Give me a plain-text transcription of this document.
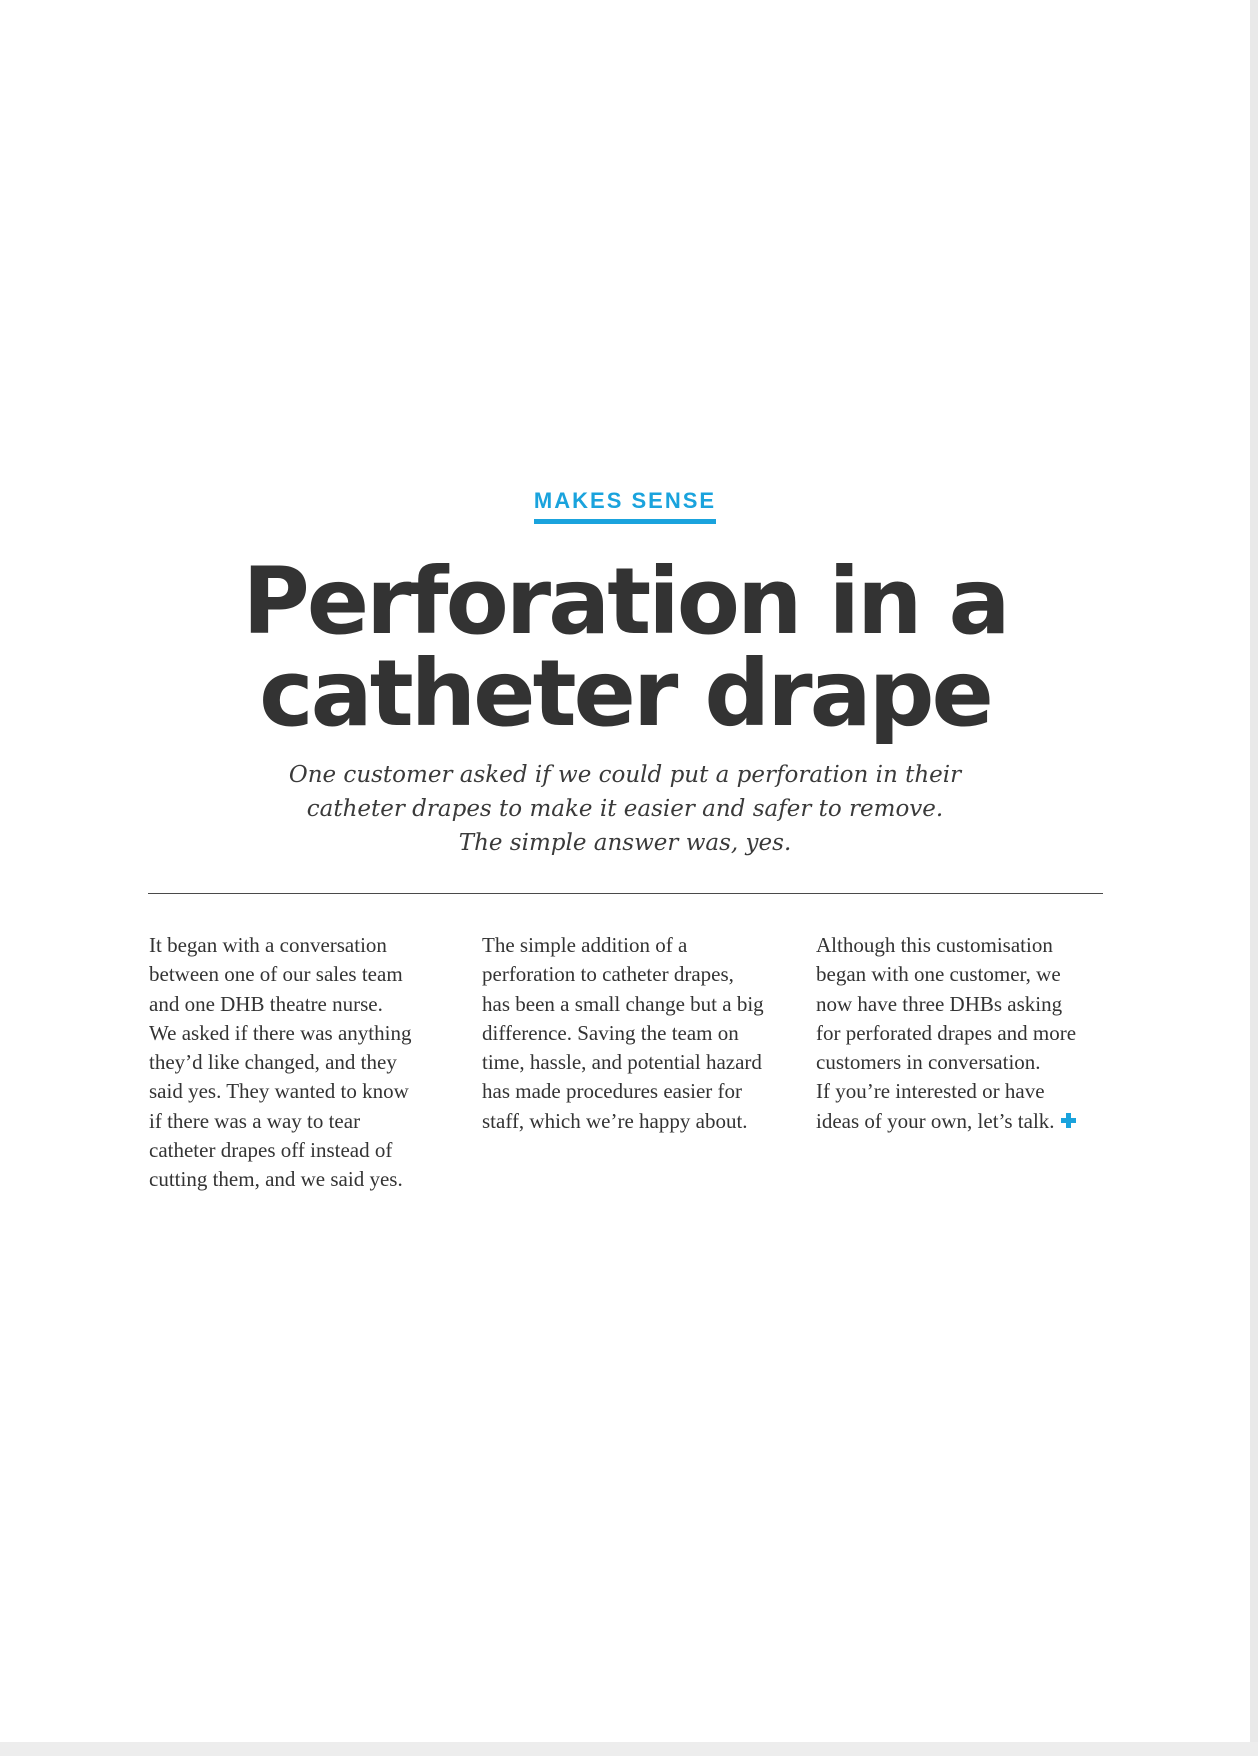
MAKES SENSE
Perforation in a
catheter drape
One customer asked if we could put a perforation in their
catheter drapes to make it easier and safer to remove.
The simple answer was, yes.
It began with a conversation
between one of our sales team
and one DHB theatre nurse.
We asked if there was anything
they’d like changed, and they
said yes. They wanted to know
if there was a way to tear
catheter drapes off instead of
cutting them, and we said yes.
The simple addition of a
perforation to catheter drapes,
has been a small change but a big
difference. Saving the team on
time, hassle, and potential hazard
has made procedures easier for
staff, which we’re happy about.
Although this customisation
began with one customer, we
now have three DHBs asking
for perforated drapes and more
customers in conversation.
If you’re interested or have
ideas of your own, let’s talk.
